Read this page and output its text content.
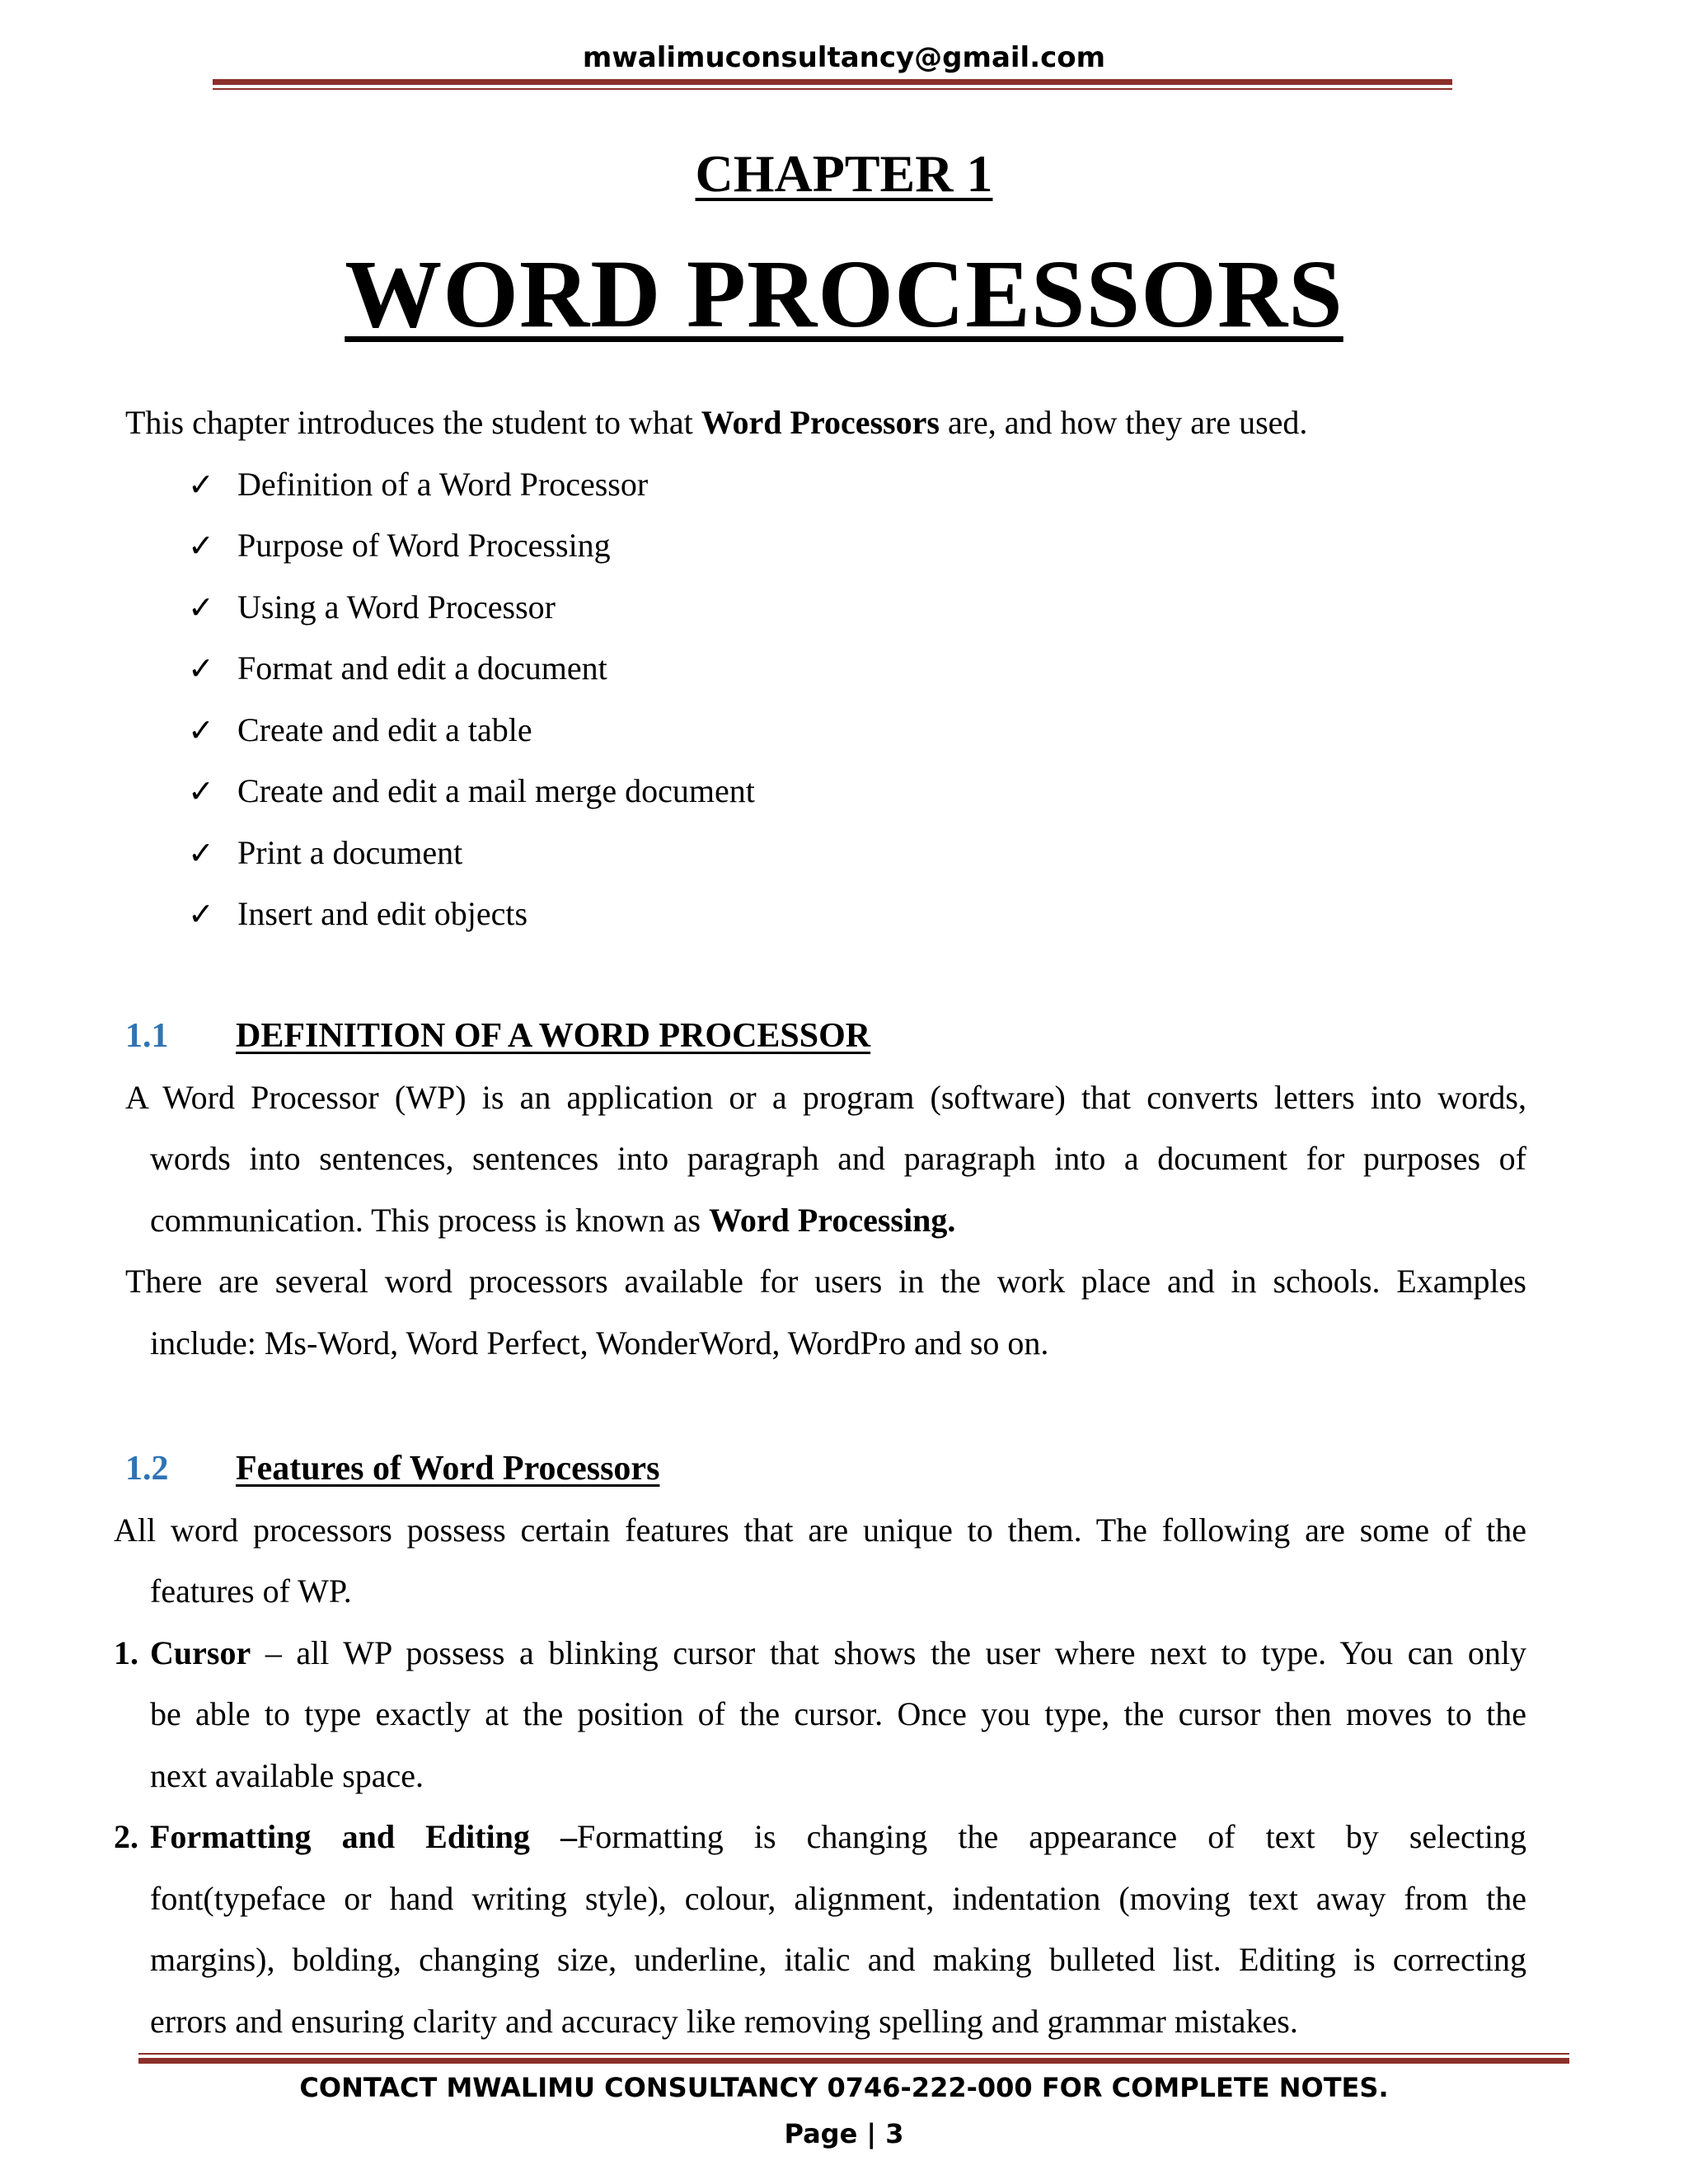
mwalimuconsultancy@gmail.com
CHAPTER 1
WORD PROCESSORS
This chapter introduces the student to what Word Processors are, and how they are used.
✓ Definition of a Word Processor
✓ Purpose of Word Processing
✓ Using a Word Processor
✓ Format and edit a document
✓ Create and edit a table
✓ Create and edit a mail merge document
✓ Print a document
✓ Insert and edit objects
1.1 DEFINITION OF A WORD PROCESSOR
A Word Processor (WP) is an application or a program (software) that converts letters into words,
words into sentences, sentences into paragraph and paragraph into a document for purposes of
communication. This process is known as Word Processing.
There are several word processors available for users in the work place and in schools. Examples
include: Ms-Word, Word Perfect, WonderWord, WordPro and so on.
1.2 Features of Word Processors
All word processors possess certain features that are unique to them. The following are some of the
features of WP.
1. Cursor – all WP possess a blinking cursor that shows the user where next to type. You can only
be able to type exactly at the position of the cursor. Once you type, the cursor then moves to the
next available space.
2. Formatting and Editing –Formatting is changing the appearance of text by selecting
font(typeface or hand writing style), colour, alignment, indentation (moving text away from the
margins), bolding, changing size, underline, italic and making bulleted list. Editing is correcting
errors and ensuring clarity and accuracy like removing spelling and grammar mistakes.
CONTACT MWALIMU CONSULTANCY 0746-222-000 FOR COMPLETE NOTES.
Page | 3
